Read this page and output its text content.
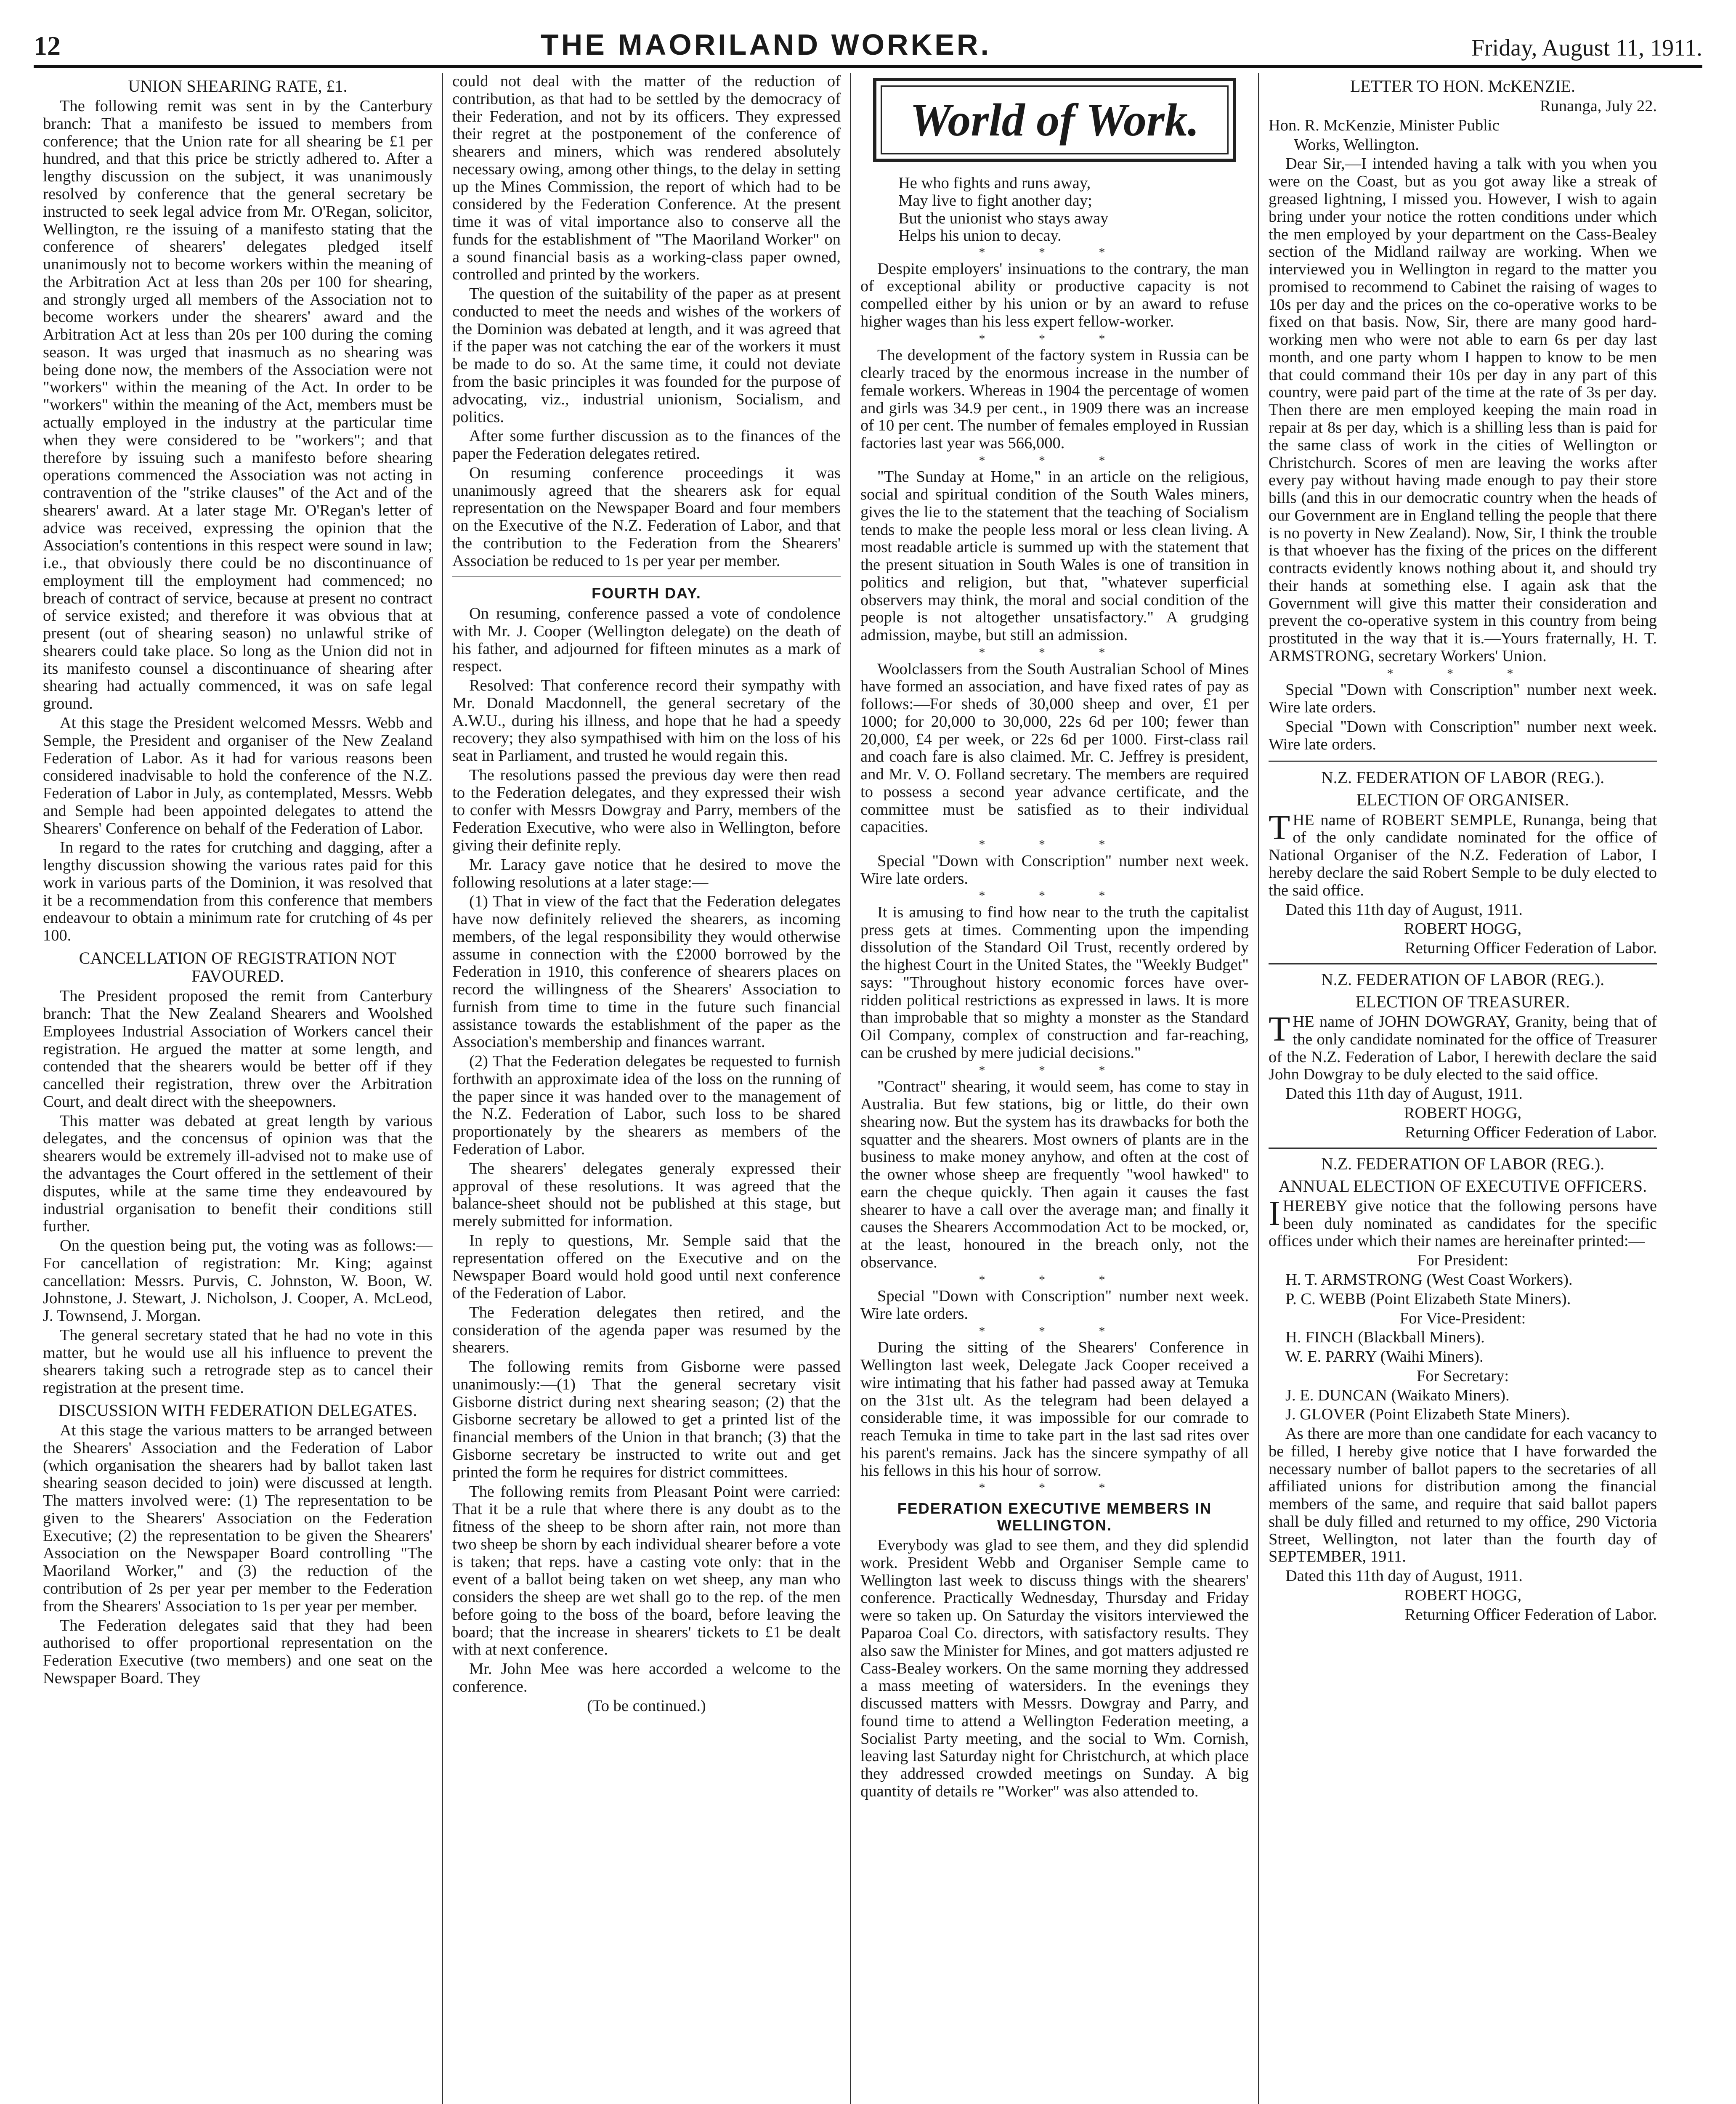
12	THE MAORILAND WORKER.	Friday, August 11, 1911.
UNION SHEARING RATE, £1.

The following remit was sent in by the Canterbury branch: That a manifesto be issued to members from conference; that the Union rate for all shearing be £1 per hundred, and that this price be strictly adhered to. After a lengthy discussion on the subject, it was unanimously resolved by conference that the general secretary be instructed to seek legal advice from Mr. O'Regan, solicitor, Wellington, re the issuing of a manifesto stating that the conference of shearers' delegates pledged itself unanimously not to become workers within the meaning of the Arbitration Act at less than 20s per 100 for shearing, and strongly urged all members of the Association not to become workers under the shearers' award and the Arbitration Act at less than 20s per 100 during the coming season. It was urged that inasmuch as no shearing was being done now, the members of the Association were not "workers" within the meaning of the Act. In order to be "workers" within the meaning of the Act, members must be actually employed in the industry at the particular time when they were considered to be "workers"; and that therefore by issuing such a manifesto before shearing operations commenced the Association was not acting in contravention of the "strike clauses" of the Act and of the shearers' award. At a later stage Mr. O'Regan's letter of advice was received, expressing the opinion that the Association's contentions in this respect were sound in law; i.e., that obviously there could be no discontinuance of employment till the employment had commenced; no breach of contract of service, because at present no contract of service existed; and therefore it was obvious that at present (out of shearing season) no unlawful strike of shearers could take place. So long as the Union did not in its manifesto counsel a discontinuance of shearing after shearing had actually commenced, it was on safe legal ground.

At this stage the President welcomed Messrs. Webb and Semple, the President and organiser of the New Zealand Federation of Labor. As it had for various reasons been considered inadvisable to hold the conference of the N.Z. Federation of Labor in July, as contemplated, Messrs. Webb and Semple had been appointed delegates to attend the Shearers' Conference on behalf of the Federation of Labor.

In regard to the rates for crutching and dagging, after a lengthy discussion showing the various rates paid for this work in various parts of the Dominion, it was resolved that it be a recommendation from this conference that members endeavour to obtain a minimum rate for crutching of 4s per 100.

CANCELLATION OF REGISTRATION NOT FAVOURED.

The President proposed the remit from Canterbury branch: That the New Zealand Shearers and Woolshed Employees Industrial Association of Workers cancel their registration. He argued the matter at some length, and contended that the shearers would be better off if they cancelled their registration, threw over the Arbitration Court, and dealt direct with the sheepowners.

This matter was debated at great length by various delegates, and the concensus of opinion was that the shearers would be extremely ill-advised not to make use of the advantages the Court offered in the settlement of their disputes, while at the same time they endeavoured by industrial organisation to benefit their conditions still further.

On the question being put, the voting was as follows:—For cancellation of registration: Mr. King; against cancellation: Messrs. Purvis, C. Johnston, W. Boon, W. Johnstone, J. Stewart, J. Nicholson, J. Cooper, A. McLeod, J. Townsend, J. Morgan.

The general secretary stated that he had no vote in this matter, but he would use all his influence to prevent the shearers taking such a retrograde step as to cancel their registration at the present time.

DISCUSSION WITH FEDERATION DELEGATES.

At this stage the various matters to be arranged between the Shearers' Association and the Federation of Labor (which organisation the shearers had by ballot taken last shearing season decided to join) were discussed at length. The matters involved were: (1) The representation to be given to the Shearers' Association on the Federation Executive; (2) the representation to be given the Shearers' Association on the Newspaper Board controlling "The Maoriland Worker," and (3) the reduction of the contribution of 2s per year per member to the Federation from the Shearers' Association to 1s per year per member.

The Federation delegates said that they had been authorised to offer proportional representation on the Federation Executive (two members) and one seat on the Newspaper Board. They

could not deal with the matter of the reduction of contribution, as that had to be settled by the democracy of their Federation, and not by its officers. They expressed their regret at the postponement of the conference of shearers and miners, which was rendered absolutely necessary owing, among other things, to the delay in setting up the Mines Commission, the report of which had to be considered by the Federation Conference. At the present time it was of vital importance also to conserve all the funds for the establishment of "The Maoriland Worker" on a sound financial basis as a working-class paper owned, controlled and printed by the workers.

The question of the suitability of the paper as at present conducted to meet the needs and wishes of the workers of the Dominion was debated at length, and it was agreed that if the paper was not catching the ear of the workers it must be made to do so. At the same time, it could not deviate from the basic principles it was founded for the purpose of advocating, viz., industrial unionism, Socialism, and politics.

After some further discussion as to the finances of the paper the Federation delegates retired.

On resuming conference proceedings it was unanimously agreed that the shearers ask for equal representation on the Newspaper Board and four members on the Executive of the N.Z. Federation of Labor, and that the contribution to the Federation from the Shearers' Association be reduced to 1s per year per member.

FOURTH DAY.

On resuming, conference passed a vote of condolence with Mr. J. Cooper (Wellington delegate) on the death of his father, and adjourned for fifteen minutes as a mark of respect.

Resolved: That conference record their sympathy with Mr. Donald Macdonnell, the general secretary of the A.W.U., during his illness, and hope that he had a speedy recovery; they also sympathised with him on the loss of his seat in Parliament, and trusted he would regain this.

The resolutions passed the previous day were then read to the Federation delegates, and they expressed their wish to confer with Messrs Dowgray and Parry, members of the Federation Executive, who were also in Wellington, before giving their definite reply.

Mr. Laracy gave notice that he desired to move the following resolutions at a later stage:—

(1) That in view of the fact that the Federation delegates have now definitely relieved the shearers, as incoming members, of the legal responsibility they would otherwise assume in connection with the £2000 borrowed by the Federation in 1910, this conference of shearers places on record the willingness of the Shearers' Association to furnish from time to time in the future such financial assistance towards the establishment of the paper as the Association's membership and finances warrant.

(2) That the Federation delegates be requested to furnish forthwith an approximate idea of the loss on the running of the paper since it was handed over to the management of the N.Z. Federation of Labor, such loss to be shared proportionately by the shearers as members of the Federation of Labor.

The shearers' delegates generaly expressed their approval of these resolutions. It was agreed that the balance-sheet should not be published at this stage, but merely submitted for information.

In reply to questions, Mr. Semple said that the representation offered on the Executive and on the Newspaper Board would hold good until next conference of the Federation of Labor.

The Federation delegates then retired, and the consideration of the agenda paper was resumed by the shearers.

The following remits from Gisborne were passed unanimously:—(1) That the general secretary visit Gisborne district during next shearing season; (2) that the Gisborne secretary be allowed to get a printed list of the financial members of the Union in that branch; (3) that the Gisborne secretary be instructed to write out and get printed the form he requires for district committees.

The following remits from Pleasant Point were carried: That it be a rule that where there is any doubt as to the fitness of the sheep to be shorn after rain, not more than two sheep be shorn by each individual shearer before a vote is taken; that reps. have a casting vote only: that in the event of a ballot being taken on wet sheep, any man who considers the sheep are wet shall go to the rep. of the men before going to the boss of the board, before leaving the board; that the increase in shearers' tickets to £1 be dealt with at next conference.

Mr. John Mee was here accorded a welcome to the conference.

(To be continued.)

World of Work.

He who fights and runs away,

May live to fight another day;

But the unionist who stays away

Helps his union to decay.

* * *

Despite employers' insinuations to the contrary, the man of exceptional ability or productive capacity is not compelled either by his union or by an award to refuse higher wages than his less expert fellow-worker.

* * *

The development of the factory system in Russia can be clearly traced by the enormous increase in the number of female workers. Whereas in 1904 the percentage of women and girls was 34.9 per cent., in 1909 there was an increase of 10 per cent. The number of females employed in Russian factories last year was 566,000.

* * *

"The Sunday at Home," in an article on the religious, social and spiritual condition of the South Wales miners, gives the lie to the statement that the teaching of Socialism tends to make the people less moral or less clean living. A most readable article is summed up with the statement that the present situation in South Wales is one of transition in politics and religion, but that, "whatever superficial observers may think, the moral and social condition of the people is not altogether unsatisfactory." A grudging admission, maybe, but still an admission.

* * *

Woolclassers from the South Australian School of Mines have formed an association, and have fixed rates of pay as follows:—For sheds of 30,000 sheep and over, £1 per 1000; for 20,000 to 30,000, 22s 6d per 100; fewer than 20,000, £4 per week, or 22s 6d per 1000. First-class rail and coach fare is also claimed. Mr. C. Jeffrey is president, and Mr. V. O. Folland secretary. The members are required to possess a second year advance certificate, and the committee must be satisfied as to their individual capacities.

* * *

Special "Down with Conscription" number next week. Wire late orders.

* * *

It is amusing to find how near to the truth the capitalist press gets at times. Commenting upon the impending dissolution of the Standard Oil Trust, recently ordered by the highest Court in the United States, the "Weekly Budget" says: "Throughout history economic forces have over-ridden political restrictions as expressed in laws. It is more than improbable that so mighty a monster as the Standard Oil Company, complex of construction and far-reaching, can be crushed by mere judicial decisions."

* * *

"Contract" shearing, it would seem, has come to stay in Australia. But few stations, big or little, do their own shearing now. But the system has its drawbacks for both the squatter and the shearers. Most owners of plants are in the business to make money anyhow, and often at the cost of the owner whose sheep are frequently "wool hawked" to earn the cheque quickly. Then again it causes the fast shearer to have a call over the average man; and finally it causes the Shearers Accommodation Act to be mocked, or, at the least, honoured in the breach only, not the observance.

* * *

Special "Down with Conscription" number next week. Wire late orders.

* * *

During the sitting of the Shearers' Conference in Wellington last week, Delegate Jack Cooper received a wire intimating that his father had passed away at Temuka on the 31st ult. As the telegram had been delayed a considerable time, it was impossible for our comrade to reach Temuka in time to take part in the last sad rites over his parent's remains. Jack has the sincere sympathy of all his fellows in this his hour of sorrow.

* * *
FEDERATION EXECUTIVE MEMBERS IN WELLINGTON.

Everybody was glad to see them, and they did splendid work. President Webb and Organiser Semple came to Wellington last week to discuss things with the shearers' conference. Practically Wednesday, Thursday and Friday were so taken up. On Saturday the visitors interviewed the Paparoa Coal Co. directors, with satisfactory results. They also saw the Minister for Mines, and got matters adjusted re Cass-Bealey workers. On the same morning they addressed a mass meeting of watersiders. In the evenings they discussed matters with Messrs. Dowgray and Parry, and found time to attend a Wellington Federation meeting, a Socialist Party meeting, and the social to Wm. Cornish, leaving last Saturday night for Christchurch, at which place they addressed crowded meetings on Sunday. A big quantity of details re "Worker" was also attended to.

LETTER TO HON. McKENZIE.

Runanga, July 22.

Hon. R. McKenzie, Minister Public

Works, Wellington.

Dear Sir,—I intended having a talk with you when you were on the Coast, but as you got away like a streak of greased lightning, I missed you. However, I wish to again bring under your notice the rotten conditions under which the men employed by your department on the Cass-Bealey section of the Midland railway are working. When we interviewed you in Wellington in regard to the matter you promised to recommend to Cabinet the raising of wages to 10s per day and the prices on the co-operative works to be fixed on that basis. Now, Sir, there are many good hard-working men who were not able to earn 6s per day last month, and one party whom I happen to know to be men that could command their 10s per day in any part of this country, were paid part of the time at the rate of 3s per day. Then there are men employed keeping the main road in repair at 8s per day, which is a shilling less than is paid for the same class of work in the cities of Wellington or Christchurch. Scores of men are leaving the works after every pay without having made enough to pay their store bills (and this in our democratic country when the heads of our Government are in England telling the people that there is no poverty in New Zealand). Now, Sir, I think the trouble is that whoever has the fixing of the prices on the different contracts evidently knows nothing about it, and should try their hands at something else. I again ask that the Government will give this matter their consideration and prevent the co-operative system in this country from being prostituted in the way that it is.—Yours fraternally, H. T. ARMSTRONG, secretary Workers' Union.

* * *

Special "Down with Conscription" number next week. Wire late orders.

Special "Down with Conscription" number next week. Wire late orders.

N.Z. FEDERATION OF LABOR (REG.).
ELECTION OF ORGANISER.

THE name of ROBERT SEMPLE, Runanga, being that of the only candidate nominated for the office of National Organiser of the N.Z. Federation of Labor, I hereby declare the said Robert Semple to be duly elected to the said office.

Dated this 11th day of August, 1911.

ROBERT HOGG,

Returning Officer Federation of Labor.

N.Z. FEDERATION OF LABOR (REG.).
ELECTION OF TREASURER.

THE name of JOHN DOWGRAY, Granity, being that of the only candidate nominated for the office of Treasurer of the N.Z. Federation of Labor, I herewith declare the said John Dowgray to be duly elected to the said office.

Dated this 11th day of August, 1911.

ROBERT HOGG,

Returning Officer Federation of Labor.

N.Z. FEDERATION OF LABOR (REG.).
ANNUAL ELECTION OF EXECUTIVE OFFICERS.

IHEREBY give notice that the following persons have been duly nominated as candidates for the specific offices under which their names are hereinafter printed:—

For President:

H. T. ARMSTRONG (West Coast Workers).

P. C. WEBB (Point Elizabeth State Miners).

For Vice-President:

H. FINCH (Blackball Miners).

W. E. PARRY (Waihi Miners).

For Secretary:

J. E. DUNCAN (Waikato Miners).

J. GLOVER (Point Elizabeth State Miners).

As there are more than one candidate for each vacancy to be filled, I hereby give notice that I have forwarded the necessary number of ballot papers to the secretaries of all affiliated unions for distribution among the financial members of the same, and require that said ballot papers shall be duly filled and returned to my office, 290 Victoria Street, Wellington, not later than the fourth day of SEPTEMBER, 1911.

Dated this 11th day of August, 1911.

ROBERT HOGG,

Returning Officer Federation of Labor.
